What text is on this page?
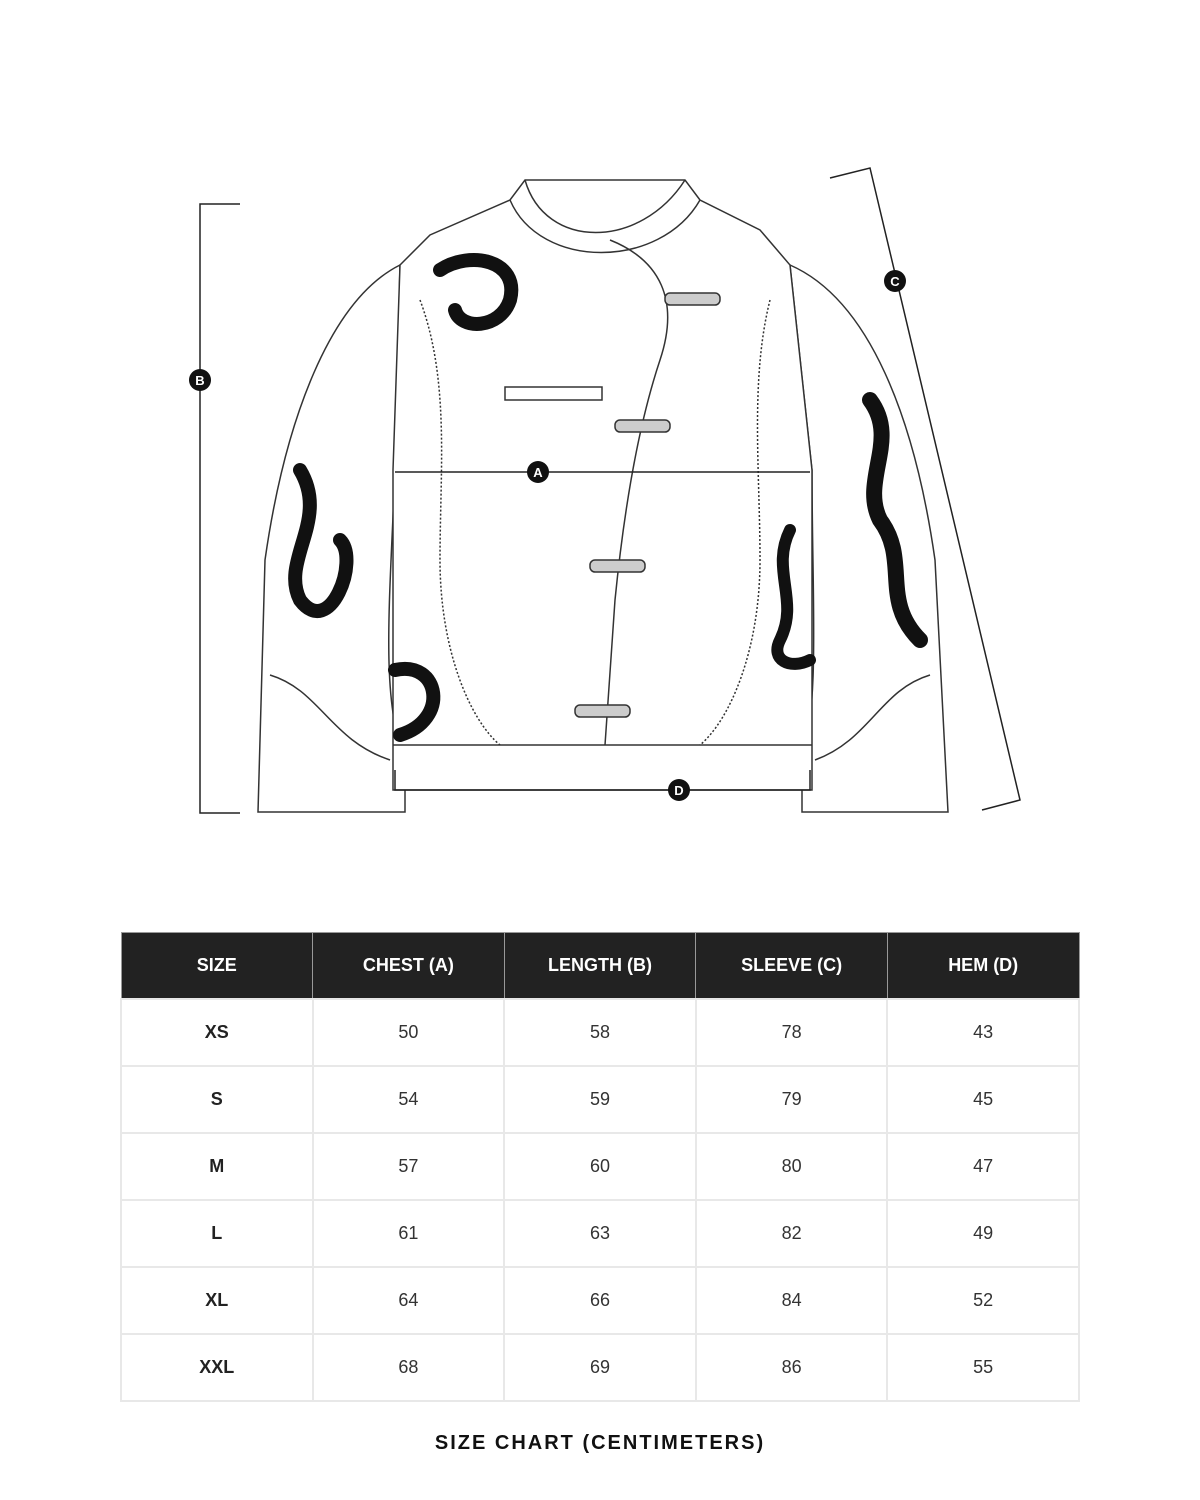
B
A
C
D
SIZE	CHEST (A)	LENGTH (B)	SLEEVE (C)	HEM (D)
XS	50	58	78	43
S	54	59	79	45
M	57	60	80	47
L	61	63	82	49
XL	64	66	84	52
XXL	68	69	86	55
SIZE CHART (CENTIMETERS)
